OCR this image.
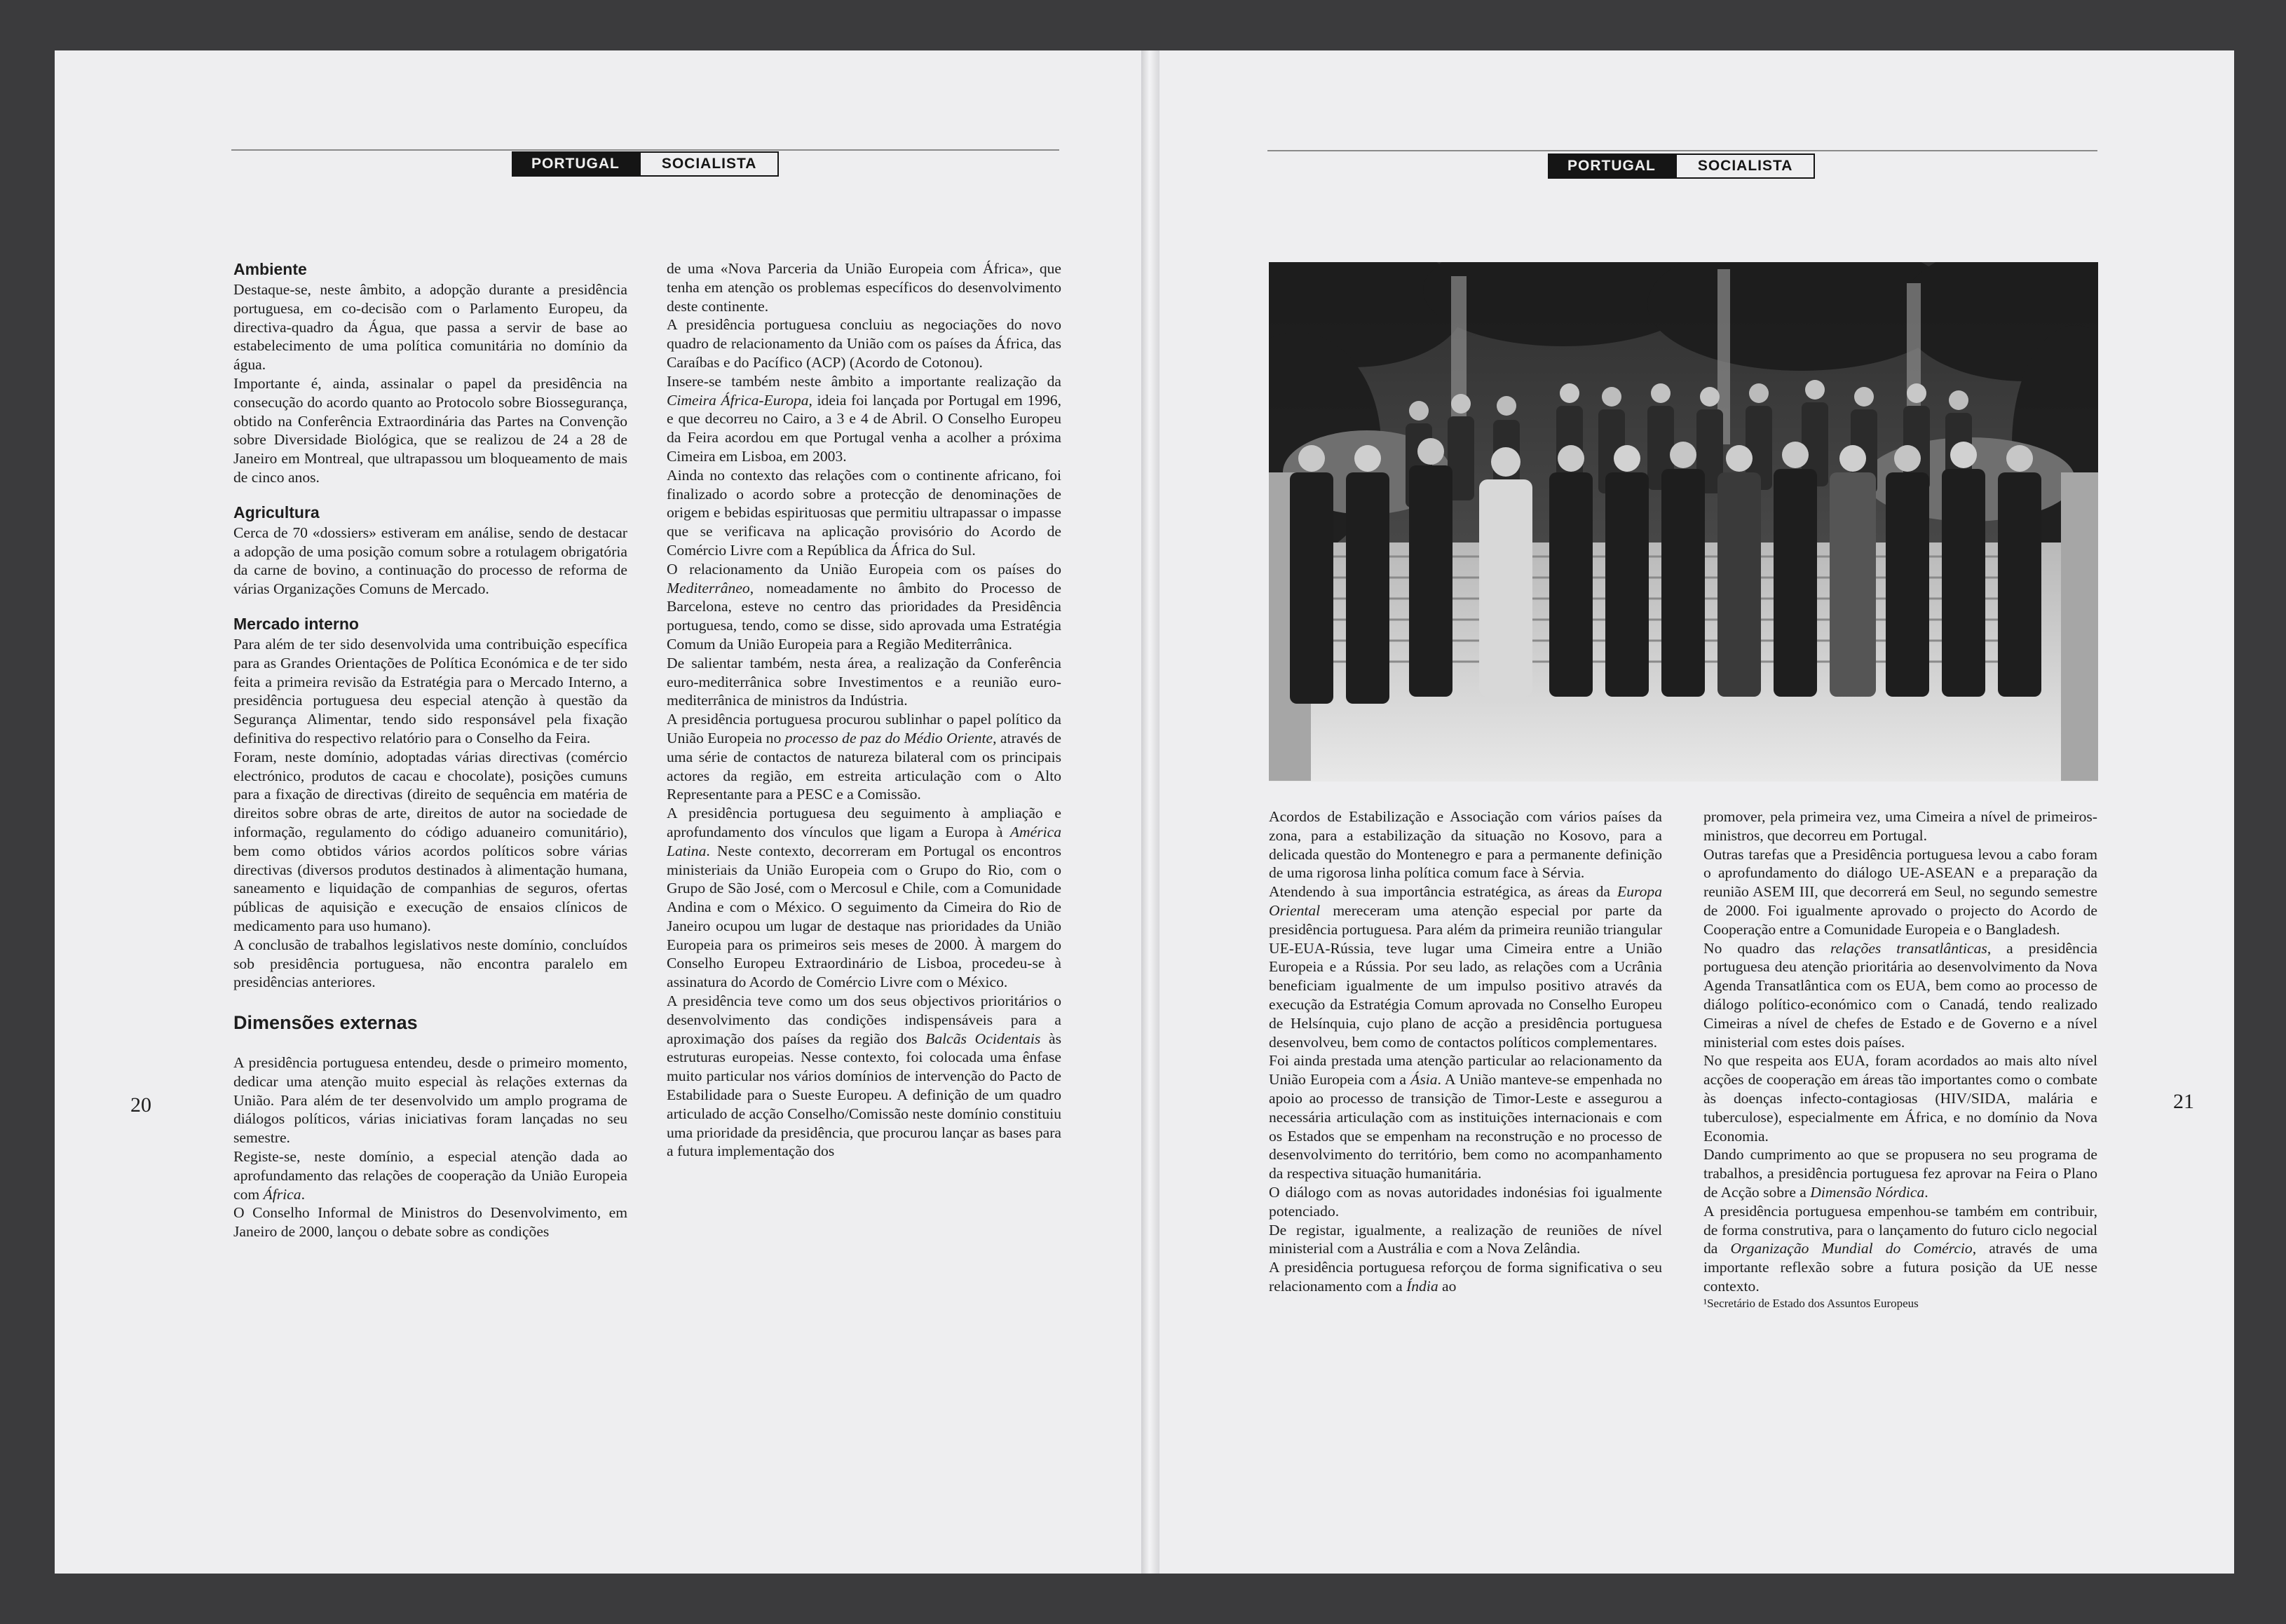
PORTUGAL	SOCIALISTA	PORTUGAL	SOCIALISTA
20	21
Ambiente

Destaque-se, neste âmbito, a adopção durante a presidência portuguesa, em co-decisão com o Parlamento Europeu, da directiva-quadro da Água, que passa a servir de base ao estabelecimento de uma política comunitária no domínio da água.

Importante é, ainda, assinalar o papel da presidência na consecução do acordo quanto ao Protocolo sobre Biossegurança, obtido na Conferência Extraordinária das Partes na Convenção sobre Diversidade Biológica, que se realizou de 24 a 28 de Janeiro em Montreal, que ultrapassou um bloqueamento de mais de cinco anos.

Agricultura

Cerca de 70 «dossiers» estiveram em análise, sendo de destacar a adopção de uma posição comum sobre a rotulagem obrigatória da carne de bovino, a continuação do processo de reforma de várias Organizações Comuns de Mercado.

Mercado interno

Para além de ter sido desenvolvida uma contribuição específica para as Grandes Orientações de Política Económica e de ter sido feita a primeira revisão da Estratégia para o Mercado Interno, a presidência portuguesa deu especial atenção à questão da Segurança Alimentar, tendo sido responsável pela fixação definitiva do respectivo relatório para o Conselho da Feira.

Foram, neste domínio, adoptadas várias directivas (comércio electrónico, produtos de cacau e chocolate), posições cumuns para a fixação de directivas (direito de sequência em matéria de direitos sobre obras de arte, direitos de autor na sociedade de informação, regulamento do código aduaneiro comunitário), bem como obtidos vários acordos políticos sobre várias directivas (diversos produtos destinados à alimentação humana, saneamento e liquidação de companhias de seguros, ofertas públicas de aquisição e execução de ensaios clínicos de medicamento para uso humano).

A conclusão de trabalhos legislativos neste domínio, concluídos sob presidência portuguesa, não encontra paralelo em presidências anteriores.

Dimensões externas

A presidência portuguesa entendeu, desde o primeiro momento, dedicar uma atenção muito especial às relações externas da União. Para além de ter desenvolvido um amplo programa de diálogos políticos, várias iniciativas foram lançadas no seu semestre.

Registe-se, neste domínio, a especial atenção dada ao aprofundamento das relações de cooperação da União Europeia com África.

O Conselho Informal de Ministros do Desenvolvimento, em Janeiro de 2000, lançou o debate sobre as condições

de uma «Nova Parceria da União Europeia com África», que tenha em atenção os problemas específicos do desenvolvimento deste continente.

A presidência portuguesa concluiu as negociações do novo quadro de relacionamento da União com os países da África, das Caraíbas e do Pacífico (ACP) (Acordo de Cotonou).

Insere-se também neste âmbito a importante realização da Cimeira África-Europa, ideia foi lançada por Portugal em 1996, e que decorreu no Cairo, a 3 e 4 de Abril. O Conselho Europeu da Feira acordou em que Portugal venha a acolher a próxima Cimeira em Lisboa, em 2003.

Ainda no contexto das relações com o continente africano, foi finalizado o acordo sobre a protecção de denominações de origem e bebidas espirituosas que permitiu ultrapassar o impasse que se verificava na aplicação provisório do Acordo de Comércio Livre com a República da África do Sul.

O relacionamento da União Europeia com os países do Mediterrâneo, nomeadamente no âmbito do Processo de Barcelona, esteve no centro das prioridades da Presidência portuguesa, tendo, como se disse, sido aprovada uma Estratégia Comum da União Europeia para a Região Mediterrânica.

De salientar também, nesta área, a realização da Conferência euro-mediterrânica sobre Investimentos e a reunião euro-mediterrânica de ministros da Indústria.

A presidência portuguesa procurou sublinhar o papel político da União Europeia no processo de paz do Médio Oriente, através de uma série de contactos de natureza bilateral com os principais actores da região, em estreita articulação com o Alto Representante para a PESC e a Comissão.

A presidência portuguesa deu seguimento à ampliação e aprofundamento dos vínculos que ligam a Europa à América Latina. Neste contexto, decorreram em Portugal os encontros ministeriais da União Europeia com o Grupo do Rio, com o Grupo de São José, com o Mercosul e Chile, com a Comunidade Andina e com o México. O seguimento da Cimeira do Rio de Janeiro ocupou um lugar de destaque nas prioridades da União Europeia para os primeiros seis meses de 2000. À margem do Conselho Europeu Extraordinário de Lisboa, procedeu-se à assinatura do Acordo de Comércio Livre com o México.

A presidência teve como um dos seus objectivos prioritários o desenvolvimento das condições indispensáveis para a aproximação dos países da região dos Balcãs Ocidentais às estruturas europeias. Nesse contexto, foi colocada uma ênfase muito particular nos vários domínios de intervenção do Pacto de Estabilidade para o Sueste Europeu. A definição de um quadro articulado de acção Conselho/Comissão neste domínio constituiu uma prioridade da presidência, que procurou lançar as bases para a futura implementação dos

Acordos de Estabilização e Associação com vários países da zona, para a estabilização da situação no Kosovo, para a delicada questão do Montenegro e para a permanente definição de uma rigorosa linha política comum face à Sérvia.

Atendendo à sua importância estratégica, as áreas da Europa Oriental mereceram uma atenção especial por parte da presidência portuguesa. Para além da primeira reunião triangular UE-EUA-Rússia, teve lugar uma Cimeira entre a União Europeia e a Rússia. Por seu lado, as relações com a Ucrânia beneficiam igualmente de um impulso positivo através da execução da Estratégia Comum aprovada no Conselho Europeu de Helsínquia, cujo plano de acção a presidência portuguesa desenvolveu, bem como de contactos políticos complementares.

Foi ainda prestada uma atenção particular ao relacionamento da União Europeia com a Ásia. A União manteve-se empenhada no apoio ao processo de transição de Timor-Leste e assegurou a necessária articulação com as instituições internacionais e com os Estados que se empenham na reconstrução e no processo de desenvolvimento do território, bem como no acompanhamento da respectiva situação humanitária.

O diálogo com as novas autoridades indonésias foi igualmente potenciado.

De registar, igualmente, a realização de reuniões de nível ministerial com a Austrália e com a Nova Zelândia.

A presidência portuguesa reforçou de forma significativa o seu relacionamento com a Índia ao

promover, pela primeira vez, uma Cimeira a nível de primeiros-ministros, que decorreu em Portugal.

Outras tarefas que a Presidência portuguesa levou a cabo foram o aprofundamento do diálogo UE-ASEAN e a preparação da reunião ASEM III, que decorrerá em Seul, no segundo semestre de 2000. Foi igualmente aprovado o projecto do Acordo de Cooperação entre a Comunidade Europeia e o Bangladesh.

No quadro das relações transatlânticas, a presidência portuguesa deu atenção prioritária ao desenvolvimento da Nova Agenda Transatlântica com os EUA, bem como ao processo de diálogo político-económico com o Canadá, tendo realizado Cimeiras a nível de chefes de Estado e de Governo e a nível ministerial com estes dois países.

No que respeita aos EUA, foram acordados ao mais alto nível acções de cooperação em áreas tão importantes como o combate às doenças infecto-contagiosas (HIV/SIDA, malária e tuberculose), especialmente em África, e no domínio da Nova Economia.

Dando cumprimento ao que se propusera no seu programa de trabalhos, a presidência portuguesa fez aprovar na Feira o Plano de Acção sobre a Dimensão Nórdica.

A presidência portuguesa empenhou-se também em contribuir, de forma construtiva, para o lançamento do futuro ciclo negocial da Organização Mundial do Comércio, através de uma importante reflexão sobre a futura posição da UE nesse contexto.

¹Secretário de Estado dos Assuntos Europeus
